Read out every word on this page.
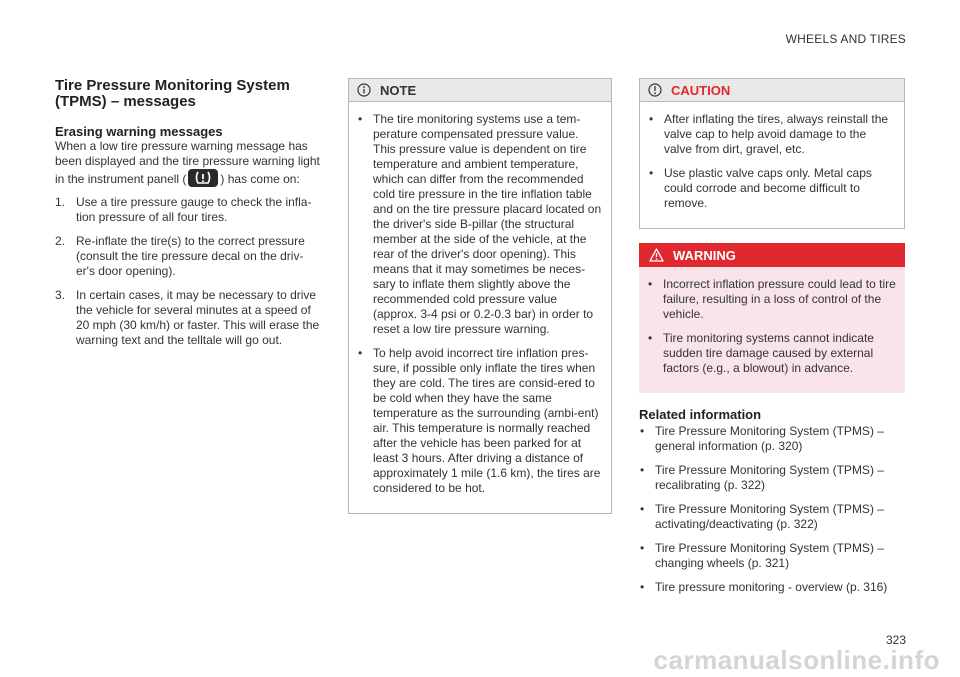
WHEELS AND TIRES
Tire Pressure Monitoring System
(TPMS) – messages
Erasing warning messages

When a low tire pressure warning message has been displayed and the tire pressure warning light in the instrument panell (	) has come on:

1. Use a tire pressure gauge to check the infla-tion pressure of all four tires.
2. Re-inflate the tire(s) to the correct pressure (consult the tire pressure decal on the driv-er's door opening).
3. In certain cases, it may be necessary to drive the vehicle for several minutes at a speed of 20 mph (30 km/h) or faster. This will erase the warning text and the telltale will go out.
NOTE
• The tire monitoring systems use a tem-perature compensated pressure value. This pressure value is dependent on tire temperature and ambient temperature, which can differ from the recommended cold tire pressure in the tire inflation table and on the tire pressure placard located on the driver's side B-pillar (the structural member at the side of the vehicle, at the rear of the driver's door opening). This means that it may sometimes be neces-sary to inflate them slightly above the recommended cold pressure value (approx. 3-4 psi or 0.2-0.3 bar) in order to reset a low tire pressure warning.
• To help avoid incorrect tire inflation pres-sure, if possible only inflate the tires when they are cold. The tires are consid-ered to be cold when they have the same temperature as the surrounding (ambi-ent) air. This temperature is normally reached after the vehicle has been parked for at least 3 hours. After driving a distance of approximately 1 mile (1.6 km), the tires are considered to be hot.
CAUTION
• After inflating the tires, always reinstall the valve cap to help avoid damage to the valve from dirt, gravel, etc.
• Use plastic valve caps only. Metal caps could corrode and become difficult to remove.
WARNING
• Incorrect inflation pressure could lead to tire failure, resulting in a loss of control of the vehicle.
• Tire monitoring systems cannot indicate sudden tire damage caused by external factors (e.g., a blowout) in advance.
Related information
• Tire Pressure Monitoring System (TPMS) – general information (p. 320)
• Tire Pressure Monitoring System (TPMS) – recalibrating (p. 322)
• Tire Pressure Monitoring System (TPMS) – activating/deactivating (p. 322)
• Tire Pressure Monitoring System (TPMS) – changing wheels (p. 321)
• Tire pressure monitoring - overview (p. 316)
323
carmanualsonline.info
